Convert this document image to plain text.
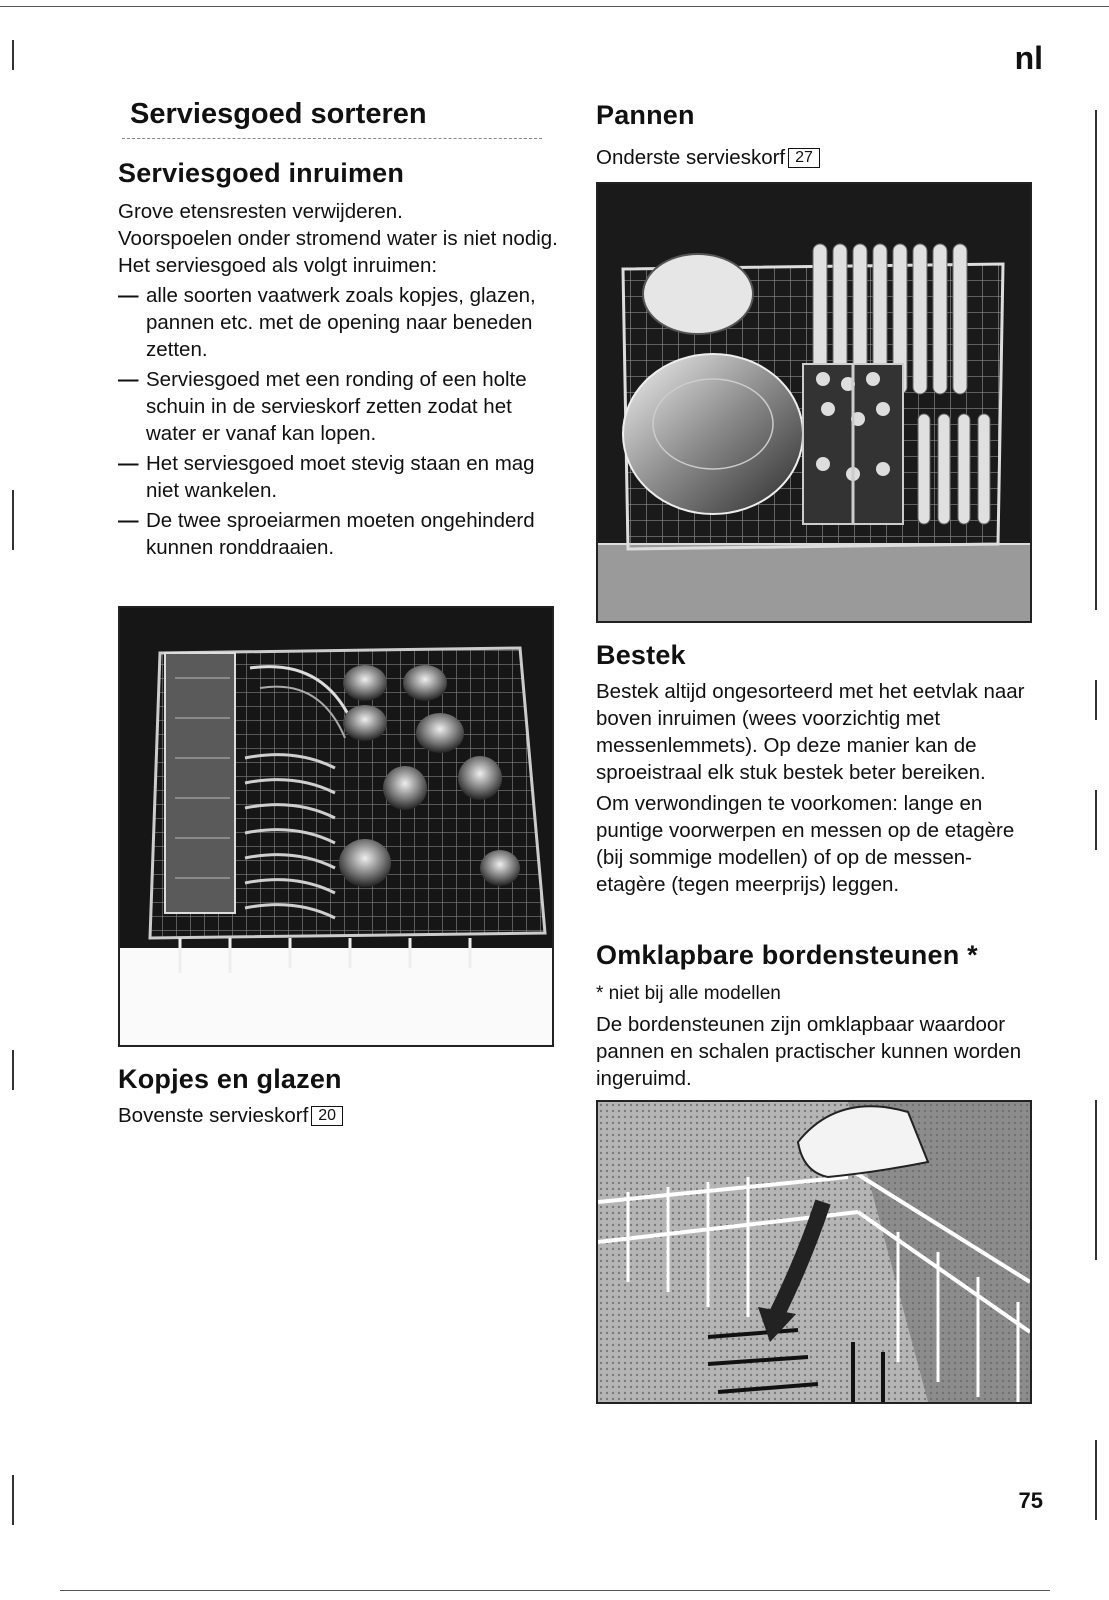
nl
Serviesgoed sorteren
Serviesgoed inruimen

Grove etensresten verwijderen.

Voorspoelen onder stromend water is niet nodig.

Het serviesgoed als volgt inruimen:

— alle soorten vaatwerk zoals kopjes, glazen, pannen etc. met de opening naar beneden zetten.
— Serviesgoed met een ronding of een holte schuin in de servieskorf zetten zodat het water er vanaf kan lopen.
— Het serviesgoed moet stevig staan en mag niet wankelen.
— De twee sproeiarmen moeten ongehinderd kunnen ronddraaien.
Kopjes en glazen
Bovenste servieskorf 20
Pannen
Onderste servieskorf 27
Bestek

Bestek altijd ongesorteerd met het eetvlak naar boven inruimen (wees voorzichtig met messenlemmets). Op deze manier kan de sproeistraal elk stuk bestek beter bereiken.

Om verwondingen te voorkomen: lange en puntige voorwerpen en messen op de etagère (bij sommige modellen) of op de messen-etagère (tegen meerprijs) leggen.

Omklapbare bordensteunen *

* niet bij alle modellen

De bordensteunen zijn omklapbaar waardoor pannen en schalen practischer kunnen worden ingeruimd.

75
